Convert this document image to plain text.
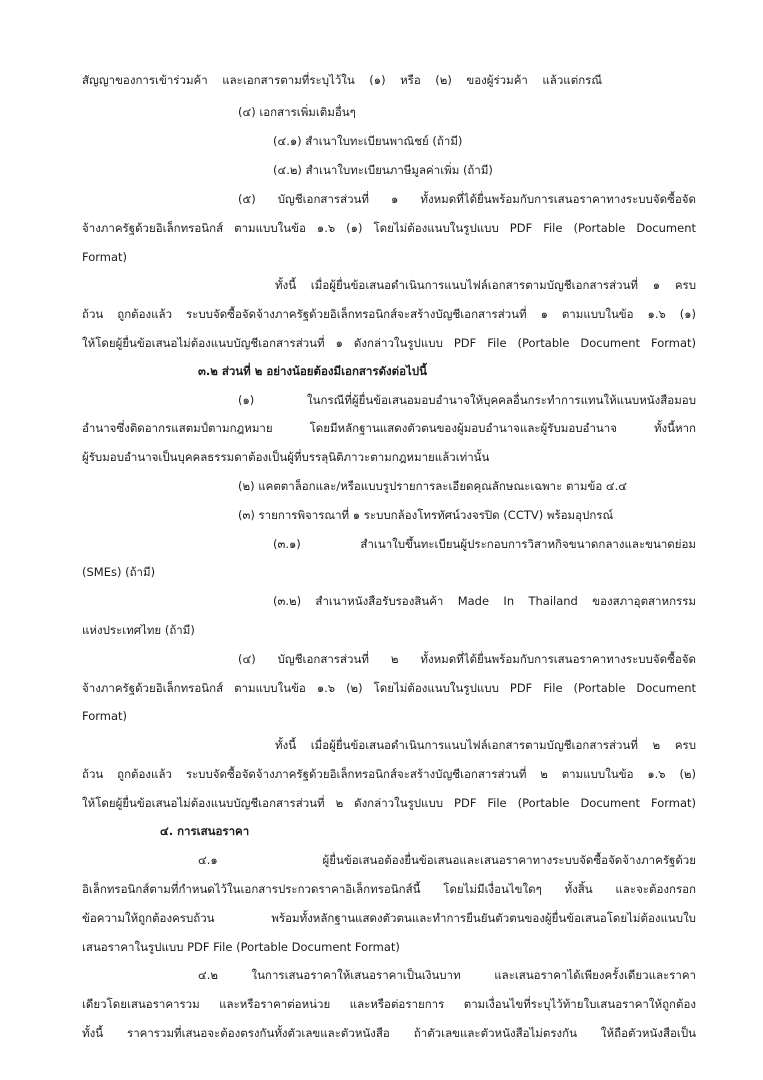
สัญญาของการเข้าร่วมค้า และเอกสารตามที่ระบุไว้ใน (๑) หรือ (๒) ของผู้ร่วมค้า แล้วแต่กรณี
(๔) เอกสารเพิ่มเติมอื่นๆ
(๔.๑) สำเนาใบทะเบียนพาณิชย์ (ถ้ามี)
(๔.๒) สำเนาใบทะเบียนภาษีมูลค่าเพิ่ม (ถ้ามี)
(๕) บัญชีเอกสารส่วนที่ ๑ ทั้งหมดที่ได้ยื่นพร้อมกับการเสนอราคาทางระบบจัดซื้อจัด
จ้างภาครัฐด้วยอิเล็กทรอนิกส์ ตามแบบในข้อ ๑.๖ (๑) โดยไม่ต้องแนบในรูปแบบ PDF File (Portable Document
Format)
ทั้งนี้ เมื่อผู้ยื่นข้อเสนอดำเนินการแนบไฟล์เอกสารตามบัญชีเอกสารส่วนที่ ๑ ครบ
ถ้วน ถูกต้องแล้ว ระบบจัดซื้อจัดจ้างภาครัฐด้วยอิเล็กทรอนิกส์จะสร้างบัญชีเอกสารส่วนที่ ๑ ตามแบบในข้อ ๑.๖ (๑)
ให้โดยผู้ยื่นข้อเสนอไม่ต้องแนบบัญชีเอกสารส่วนที่ ๑ ดังกล่าวในรูปแบบ PDF File (Portable Document Format)
๓.๒ ส่วนที่ ๒ อย่างน้อยต้องมีเอกสารดังต่อไปนี้
(๑) ในกรณีที่ผู้ยื่นข้อเสนอมอบอำนาจให้บุคคลอื่นกระทำการแทนให้แนบหนังสือมอบ
อำนาจซึ่งติดอากรแสตมป์ตามกฎหมาย โดยมีหลักฐานแสดงตัวตนของผู้มอบอำนาจและผู้รับมอบอำนาจ ทั้งนี้หาก
ผู้รับมอบอำนาจเป็นบุคคลธรรมดาต้องเป็นผู้ที่บรรลุนิติภาวะตามกฎหมายแล้วเท่านั้น
(๒) แคตตาล็อกและ/หรือแบบรูปรายการละเอียดคุณลักษณะเฉพาะ ตามข้อ ๔.๔
(๓) รายการพิจารณาที่ ๑ ระบบกล้องโทรทัศน์วงจรปิด (CCTV) พร้อมอุปกรณ์
(๓.๑) สำเนาใบขึ้นทะเบียนผู้ประกอบการวิสาหกิจขนาดกลางและขนาดย่อม
(SMEs) (ถ้ามี)
(๓.๒) สำเนาหนังสือรับรองสินค้า Made In Thailand ของสภาอุตสาหกรรม
แห่งประเทศไทย (ถ้ามี)
(๔) บัญชีเอกสารส่วนที่ ๒ ทั้งหมดที่ได้ยื่นพร้อมกับการเสนอราคาทางระบบจัดซื้อจัด
จ้างภาครัฐด้วยอิเล็กทรอนิกส์ ตามแบบในข้อ ๑.๖ (๒) โดยไม่ต้องแนบในรูปแบบ PDF File (Portable Document
Format)
ทั้งนี้ เมื่อผู้ยื่นข้อเสนอดำเนินการแนบไฟล์เอกสารตามบัญชีเอกสารส่วนที่ ๒ ครบ
ถ้วน ถูกต้องแล้ว ระบบจัดซื้อจัดจ้างภาครัฐด้วยอิเล็กทรอนิกส์จะสร้างบัญชีเอกสารส่วนที่ ๒ ตามแบบในข้อ ๑.๖ (๒)
ให้โดยผู้ยื่นข้อเสนอไม่ต้องแนบบัญชีเอกสารส่วนที่ ๒ ดังกล่าวในรูปแบบ PDF File (Portable Document Format)
๔. การเสนอราคา
๔.๑ ผู้ยื่นข้อเสนอต้องยื่นข้อเสนอและเสนอราคาทางระบบจัดซื้อจัดจ้างภาครัฐด้วย
อิเล็กทรอนิกส์ตามที่กำหนดไว้ในเอกสารประกวดราคาอิเล็กทรอนิกส์นี้ โดยไม่มีเงื่อนไขใดๆ ทั้งสิ้น และจะต้องกรอก
ข้อความให้ถูกต้องครบถ้วน พร้อมทั้งหลักฐานแสดงตัวตนและทำการยืนยันตัวตนของผู้ยื่นข้อเสนอโดยไม่ต้องแนบใบ
เสนอราคาในรูปแบบ PDF File (Portable Document Format)
๔.๒ ในการเสนอราคาให้เสนอราคาเป็นเงินบาท และเสนอราคาได้เพียงครั้งเดียวและราคา
เดียวโดยเสนอราคารวม และหรือราคาต่อหน่วย และหรือต่อรายการ ตามเงื่อนไขที่ระบุไว้ท้ายใบเสนอราคาให้ถูกต้อง
ทั้งนี้ ราคารวมที่เสนอจะต้องตรงกันทั้งตัวเลขและตัวหนังสือ ถ้าตัวเลขและตัวหนังสือไม่ตรงกัน ให้ถือตัวหนังสือเป็น
